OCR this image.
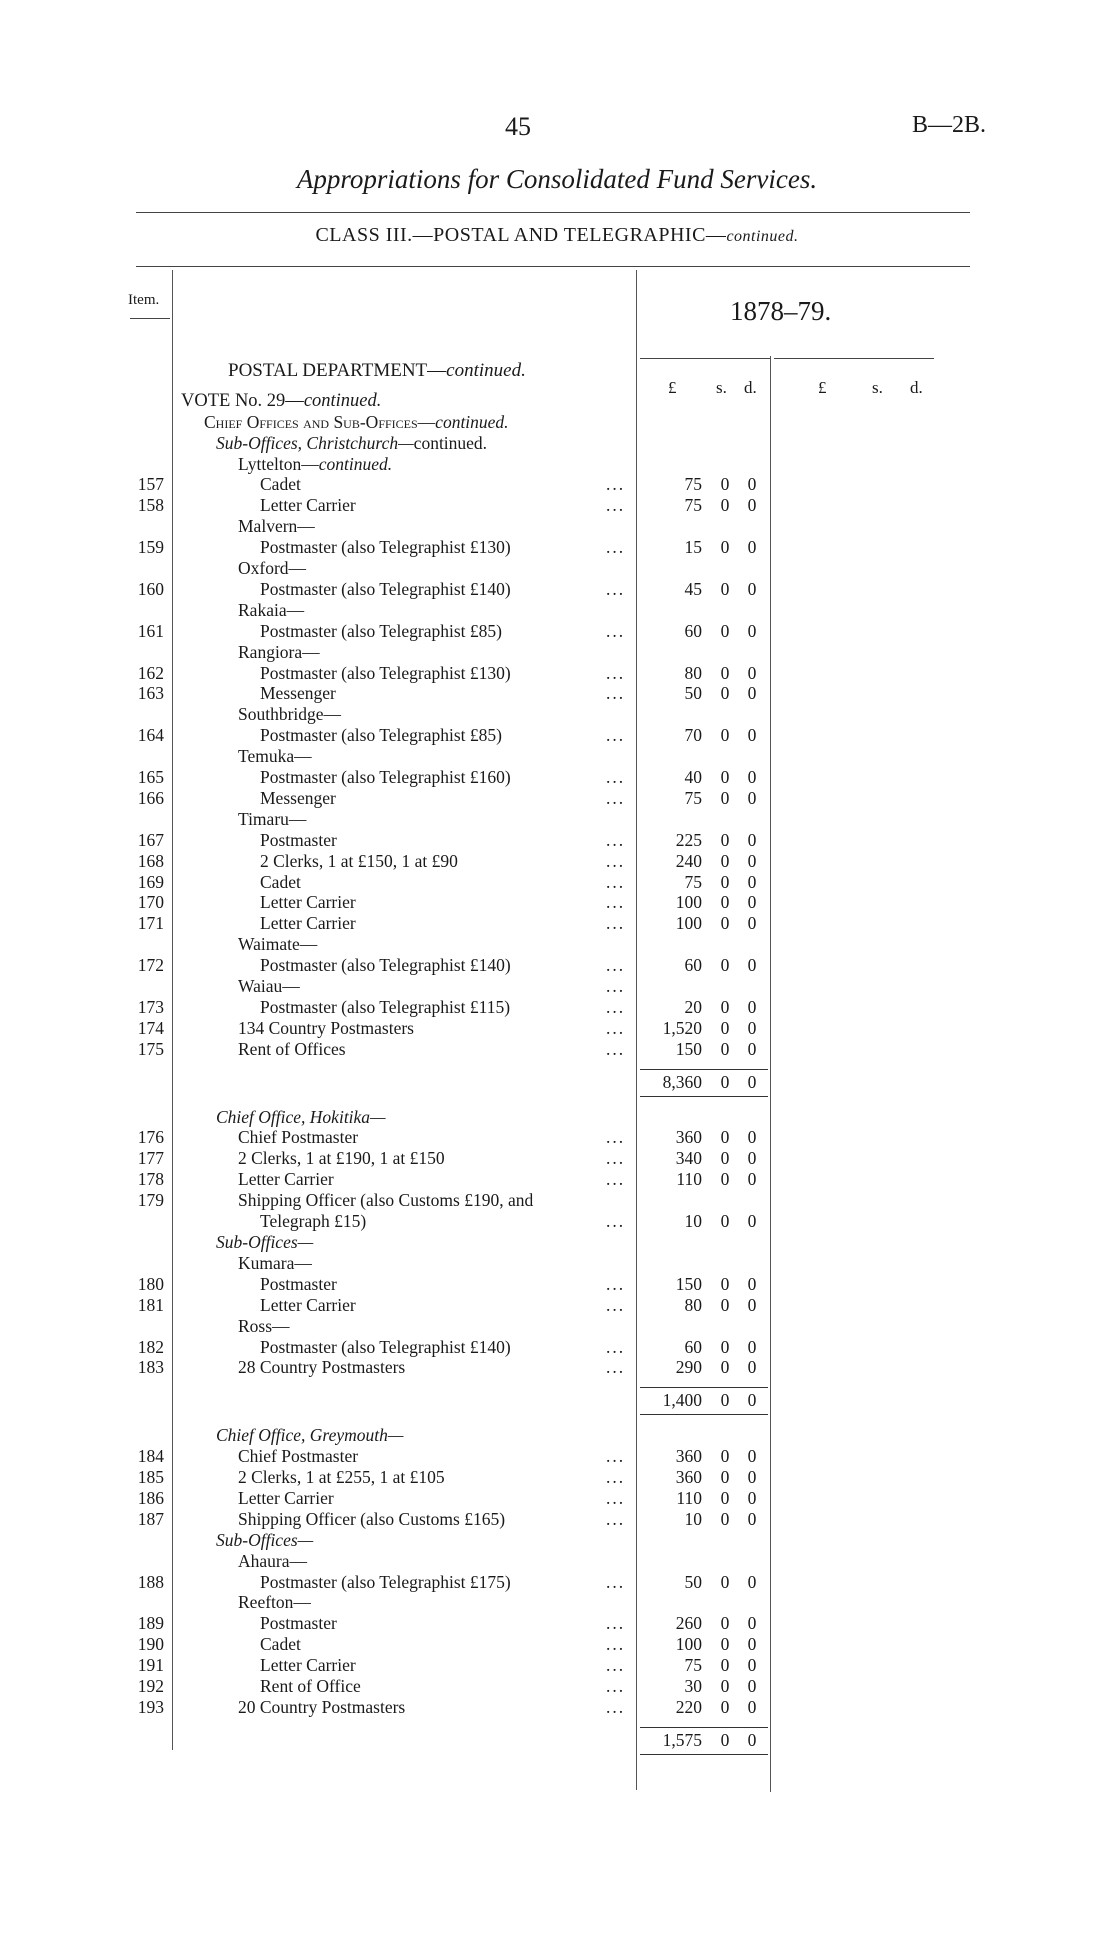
45	B—2B.
Appropriations for Consolidated Fund Services.
CLASS III.—POSTAL AND TELEGRAPHIC—continued.
Item.	1878–79.
£ s. d.	£	s. d.
POSTAL DEPARTMENT—continued.
VOTE No. 29—continued.
Chief Offices and Sub-Offices—continued.
Sub-Offices, Christchurch—continued.
Lyttelton—continued.
157	Cadet	...	75 0 0
158	Letter Carrier	...	75 0 0
Malvern—
159	Postmaster (also Telegraphist £130)	...	15 0 0
Oxford—
160	Postmaster (also Telegraphist £140)	...	45 0 0
Rakaia—
161	Postmaster (also Telegraphist £85)	...	60 0 0
Rangiora—
162	Postmaster (also Telegraphist £130)	...	80 0 0
163	Messenger	...	50 0 0
Southbridge—
164	Postmaster (also Telegraphist £85)	...	70 0 0
Temuka—
165	Postmaster (also Telegraphist £160)	...	40 0 0
166	Messenger	...	75 0 0
Timaru—
167	Postmaster	...	225 0 0
168	2 Clerks, 1 at £150, 1 at £90	...	240 0 0
169	Cadet	...	75 0 0
170	Letter Carrier	...	100 0 0
171	Letter Carrier	...	100 0 0
Waimate—
172	Postmaster (also Telegraphist £140)	...	60 0 0
Waiau—	...
173	Postmaster (also Telegraphist £115)	...	20 0 0
174	134 Country Postmasters	...	1,520 0 0
175	Rent of Offices	...	150 0 0
8,360 0 0
Chief Office, Hokitika—
176	Chief Postmaster	...	360 0 0
177	2 Clerks, 1 at £190, 1 at £150	...	340 0 0
178	Letter Carrier	...	110 0 0
179	Shipping Officer (also Customs £190, and
Telegraph £15)	...	10 0 0
Sub-Offices—
Kumara—
180	Postmaster	...	150 0 0
181	Letter Carrier	...	80 0 0
Ross—
182	Postmaster (also Telegraphist £140)	...	60 0 0
183	28 Country Postmasters	...	290 0 0
1,400 0 0
Chief Office, Greymouth—
184	Chief Postmaster	...	360 0 0
185	2 Clerks, 1 at £255, 1 at £105	...	360 0 0
186	Letter Carrier	...	110 0 0
187	Shipping Officer (also Customs £165)	...	10 0 0
Sub-Offices—
Ahaura—
188	Postmaster (also Telegraphist £175)	...	50 0 0
Reefton—
189	Postmaster	...	260 0 0
190	Cadet	...	100 0 0
191	Letter Carrier	...	75 0 0
192	Rent of Office	...	30 0 0
193	20 Country Postmasters	...	220 0 0
1,575 0 0
